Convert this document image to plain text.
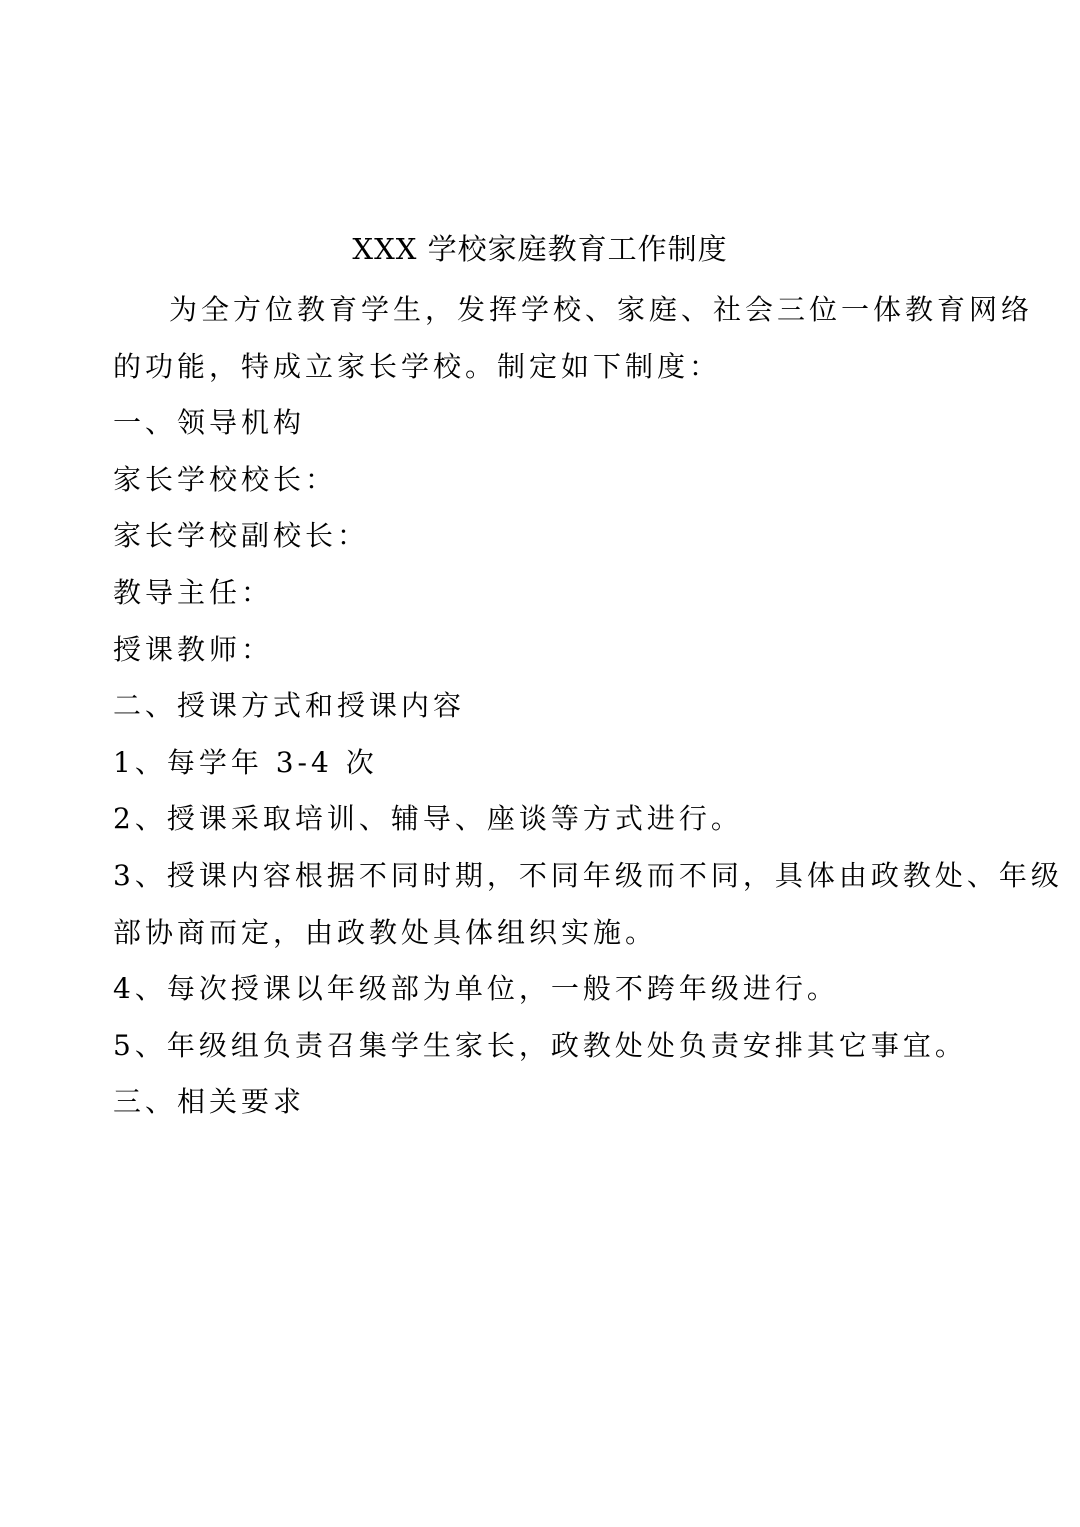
XXX 学校家庭教育工作制度

为全方位教育学生，发挥学校、家庭、社会三位一体教育网络

的功能，特成立家长学校。制定如下制度：

一、领导机构

家长学校校长：

家长学校副校长：

教导主任：

授课教师：

二、授课方式和授课内容

1、每学年 3-4 次

2、授课采取培训、辅导、座谈等方式进行。

3、授课内容根据不同时期，不同年级而不同，具体由政教处、年级

部协商而定，由政教处具体组织实施。

4、每次授课以年级部为单位，一般不跨年级进行。

5、年级组负责召集学生家长，政教处处负责安排其它事宜。

三、相关要求
